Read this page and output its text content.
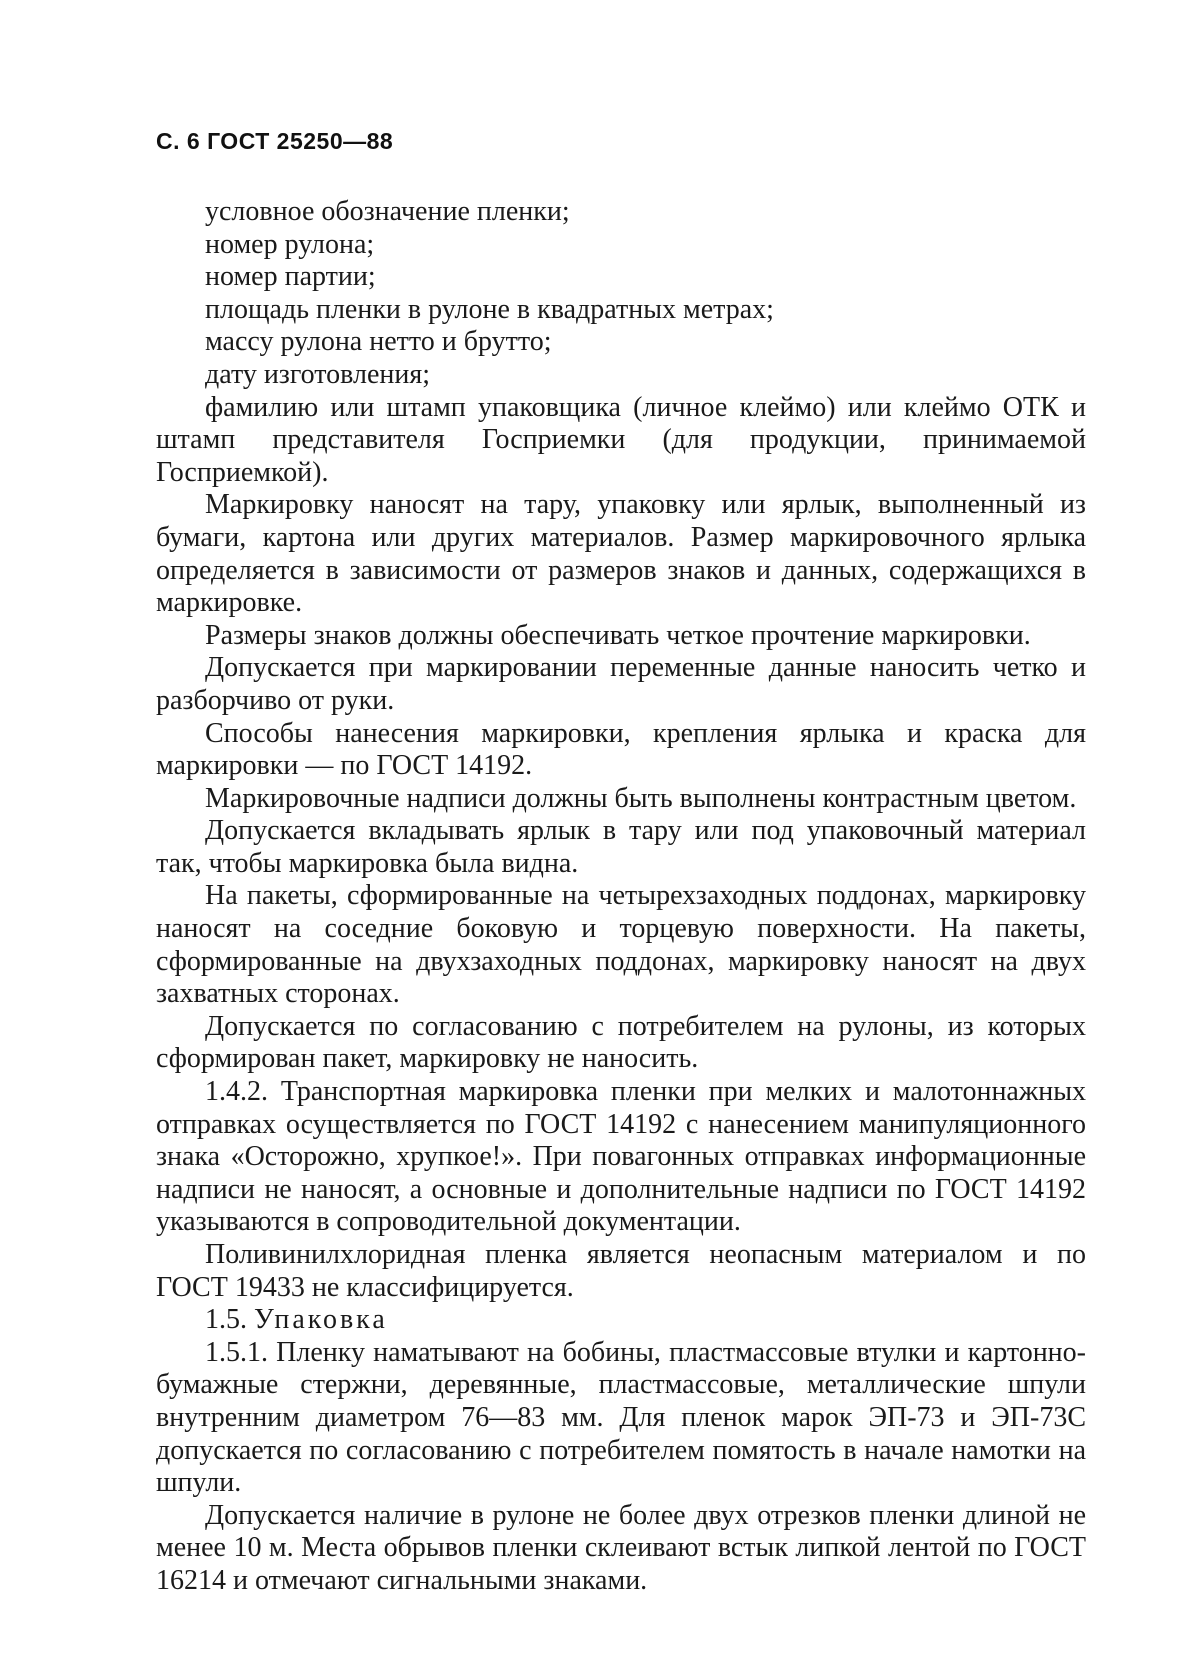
С. 6 ГОСТ 25250—88

условное обозначение пленки;

номер рулона;

номер партии;

площадь пленки в рулоне в квадратных метрах;

массу рулона нетто и брутто;

дату изготовления;

фамилию или штамп упаковщика (личное клеймо) или клеймо ОТК и штамп представителя Госприемки (для продукции, принимаемой Госприемкой).

Маркировку наносят на тару, упаковку или ярлык, выполненный из бумаги, картона или других материалов. Размер маркировочного ярлыка определяется в зависимости от размеров знаков и данных, содержащихся в маркировке.

Размеры знаков должны обеспечивать четкое прочтение маркировки.

Допускается при маркировании переменные данные наносить четко и разборчиво от руки.

Способы нанесения маркировки, крепления ярлыка и краска для маркировки — по ГОСТ 14192.

Маркировочные надписи должны быть выполнены контрастным цветом.

Допускается вкладывать ярлык в тару или под упаковочный материал так, чтобы маркировка была видна.

На пакеты, сформированные на четырехзаходных поддонах, маркировку наносят на соседние боковую и торцевую поверхности. На пакеты, сформированные на двухзаходных поддонах, маркировку наносят на двух захватных сторонах.

Допускается по согласованию с потребителем на рулоны, из которых сформирован пакет, маркировку не наносить.

1.4.2. Транспортная маркировка пленки при мелких и малотоннажных отправках осуществляется по ГОСТ 14192 с нанесением манипуляционного знака «Осторожно, хрупкое!». При повагонных отправках информационные надписи не наносят, а основные и дополнительные надписи по ГОСТ 14192 указываются в сопроводительной документации.

Поливинилхлоридная пленка является неопасным материалом и по ГОСТ 19433 не классифицируется.

1.5. Упаковка

1.5.1. Пленку наматывают на бобины, пластмассовые втулки и картонно-бумажные стержни, деревянные, пластмассовые, металлические шпули внутренним диаметром 76—83 мм. Для пленок марок ЭП-73 и ЭП-73С допускается по согласованию с потребителем помятость в начале намотки на шпули.

Допускается наличие в рулоне не более двух отрезков пленки длиной не менее 10 м. Места обрывов пленки склеивают встык липкой лентой по ГОСТ 16214 и отмечают сигнальными знаками.
